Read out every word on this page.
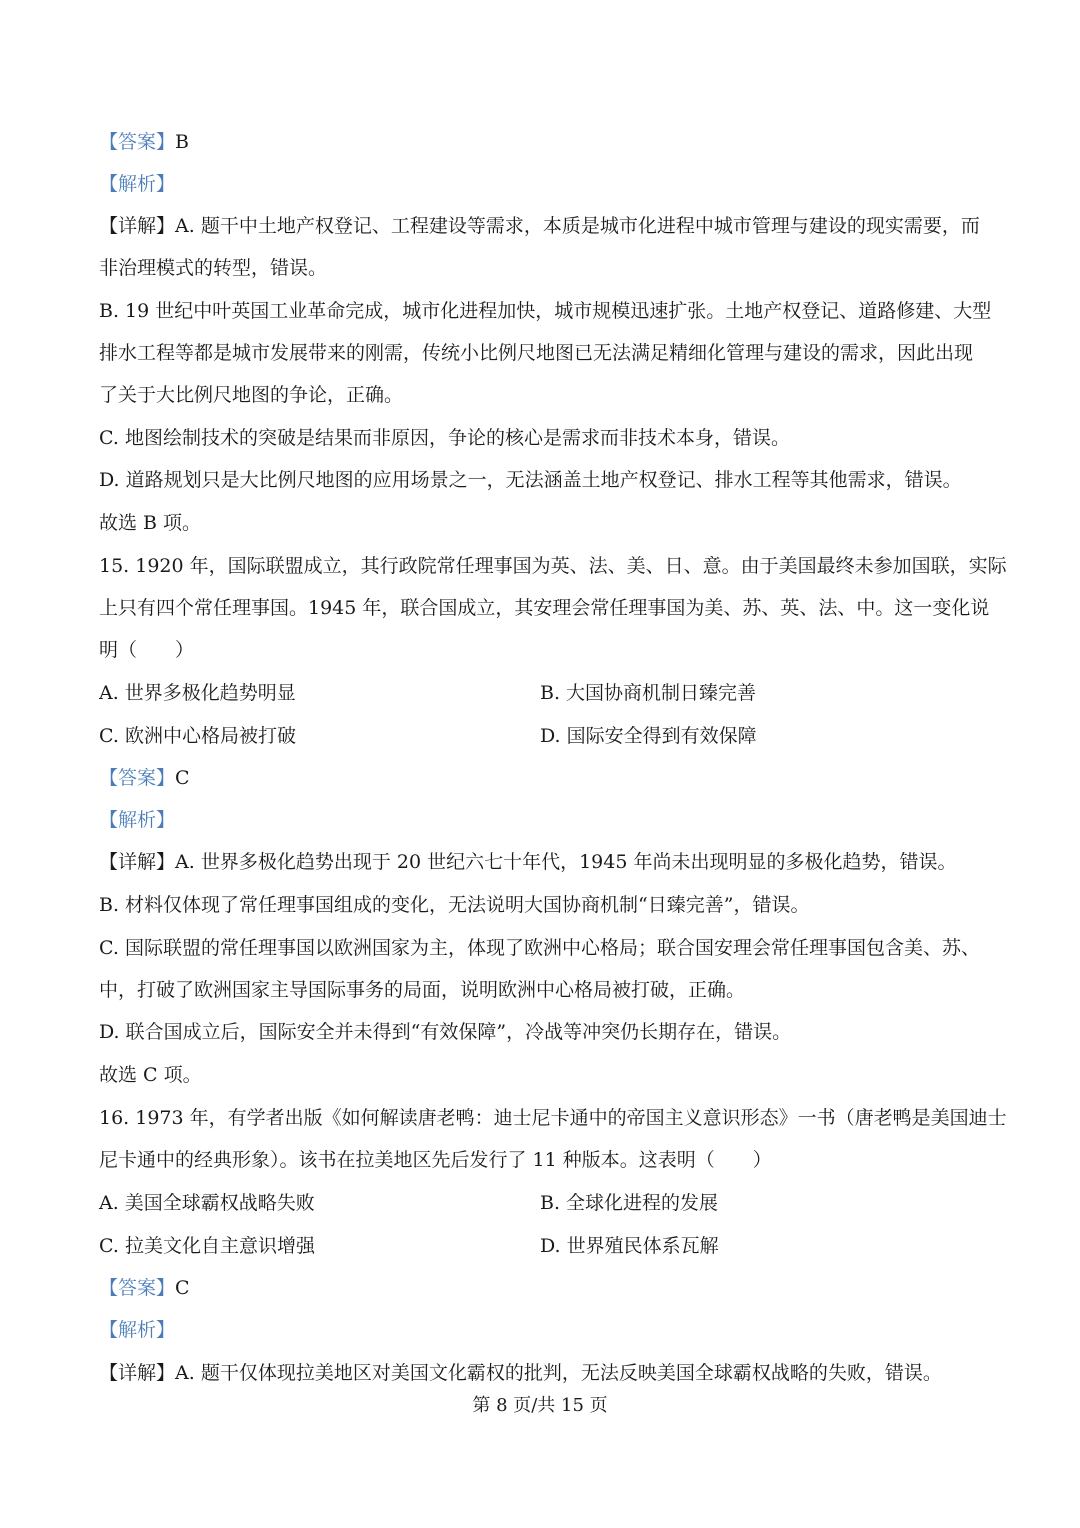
【答案】B
【解析】
【详解】A. 题干中土地产权登记、工程建设等需求，本质是城市化进程中城市管理与建设的现实需要，而
非治理模式的转型，错误。
B. 19 世纪中叶英国工业革命完成，城市化进程加快，城市规模迅速扩张。土地产权登记、道路修建、大型
排水工程等都是城市发展带来的刚需，传统小比例尺地图已无法满足精细化管理与建设的需求，因此出现
了关于大比例尺地图的争论，正确。
C. 地图绘制技术的突破是结果而非原因，争论的核心是需求而非技术本身，错误。
D. 道路规划只是大比例尺地图的应用场景之一，无法涵盖土地产权登记、排水工程等其他需求，错误。
故选 B 项。
15. 1920 年，国际联盟成立，其行政院常任理事国为英、法、美、日、意。由于美国最终未参加国联，实际
上只有四个常任理事国。1945 年，联合国成立，其安理会常任理事国为美、苏、英、法、中。这一变化说
明（　　）
A. 世界多极化趋势明显	B. 大国协商机制日臻完善
C. 欧洲中心格局被打破	D. 国际安全得到有效保障
【答案】C
【解析】
【详解】A. 世界多极化趋势出现于 20 世纪六七十年代，1945 年尚未出现明显的多极化趋势，错误。
B. 材料仅体现了常任理事国组成的变化，无法说明大国协商机制“日臻完善”，错误。
C. 国际联盟的常任理事国以欧洲国家为主，体现了欧洲中心格局；联合国安理会常任理事国包含美、苏、
中，打破了欧洲国家主导国际事务的局面，说明欧洲中心格局被打破，正确。
D. 联合国成立后，国际安全并未得到“有效保障”，冷战等冲突仍长期存在，错误。
故选 C 项。
16. 1973 年，有学者出版《如何解读唐老鸭：迪士尼卡通中的帝国主义意识形态》一书（唐老鸭是美国迪士
尼卡通中的经典形象）。该书在拉美地区先后发行了 11 种版本。这表明（　　）
A. 美国全球霸权战略失败	B. 全球化进程的发展
C. 拉美文化自主意识增强	D. 世界殖民体系瓦解
【答案】C
【解析】
【详解】A. 题干仅体现拉美地区对美国文化霸权的批判，无法反映美国全球霸权战略的失败，错误。
第 8 页/共 15 页
